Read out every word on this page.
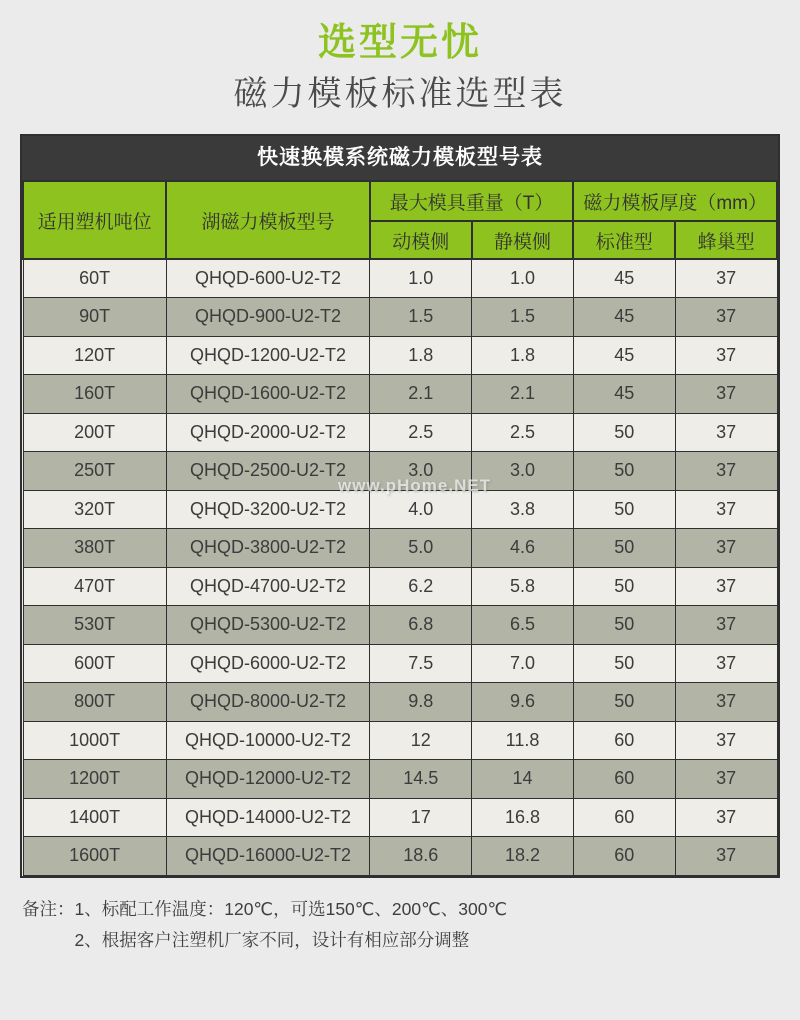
选型无忧
磁力模板标准选型表
快速换模系统磁力模板型号表
适用塑机吨位	湖磁力模板型号	最大模具重量（T）		磁力模板厚度（mm）	
		动模侧	静模侧	标准型	蜂巢型
60T	QHQD-600-U2-T2	1.0	1.0	45	37
90T	QHQD-900-U2-T2	1.5	1.5	45	37
120T	QHQD-1200-U2-T2	1.8	1.8	45	37
160T	QHQD-1600-U2-T2	2.1	2.1	45	37
200T	QHQD-2000-U2-T2	2.5	2.5	50	37
250T	QHQD-2500-U2-T2	3.0	3.0	50	37
320T	QHQD-3200-U2-T2	4.0	3.8	50	37
380T	QHQD-3800-U2-T2	5.0	4.6	50	37
470T	QHQD-4700-U2-T2	6.2	5.8	50	37
530T	QHQD-5300-U2-T2	6.8	6.5	50	37
600T	QHQD-6000-U2-T2	7.5	7.0	50	37
800T	QHQD-8000-U2-T2	9.8	9.6	50	37
1000T	QHQD-10000-U2-T2	12	11.8	60	37
1200T	QHQD-12000-U2-T2	14.5	14	60	37
1400T	QHQD-14000-U2-T2	17	16.8	60	37
1600T	QHQD-16000-U2-T2	18.6	18.2	60	37
www.pHome.NET
备注： 1、标配工作温度：120℃，可选150℃、200℃、300℃
2、根据客户注塑机厂家不同，设计有相应部分调整
